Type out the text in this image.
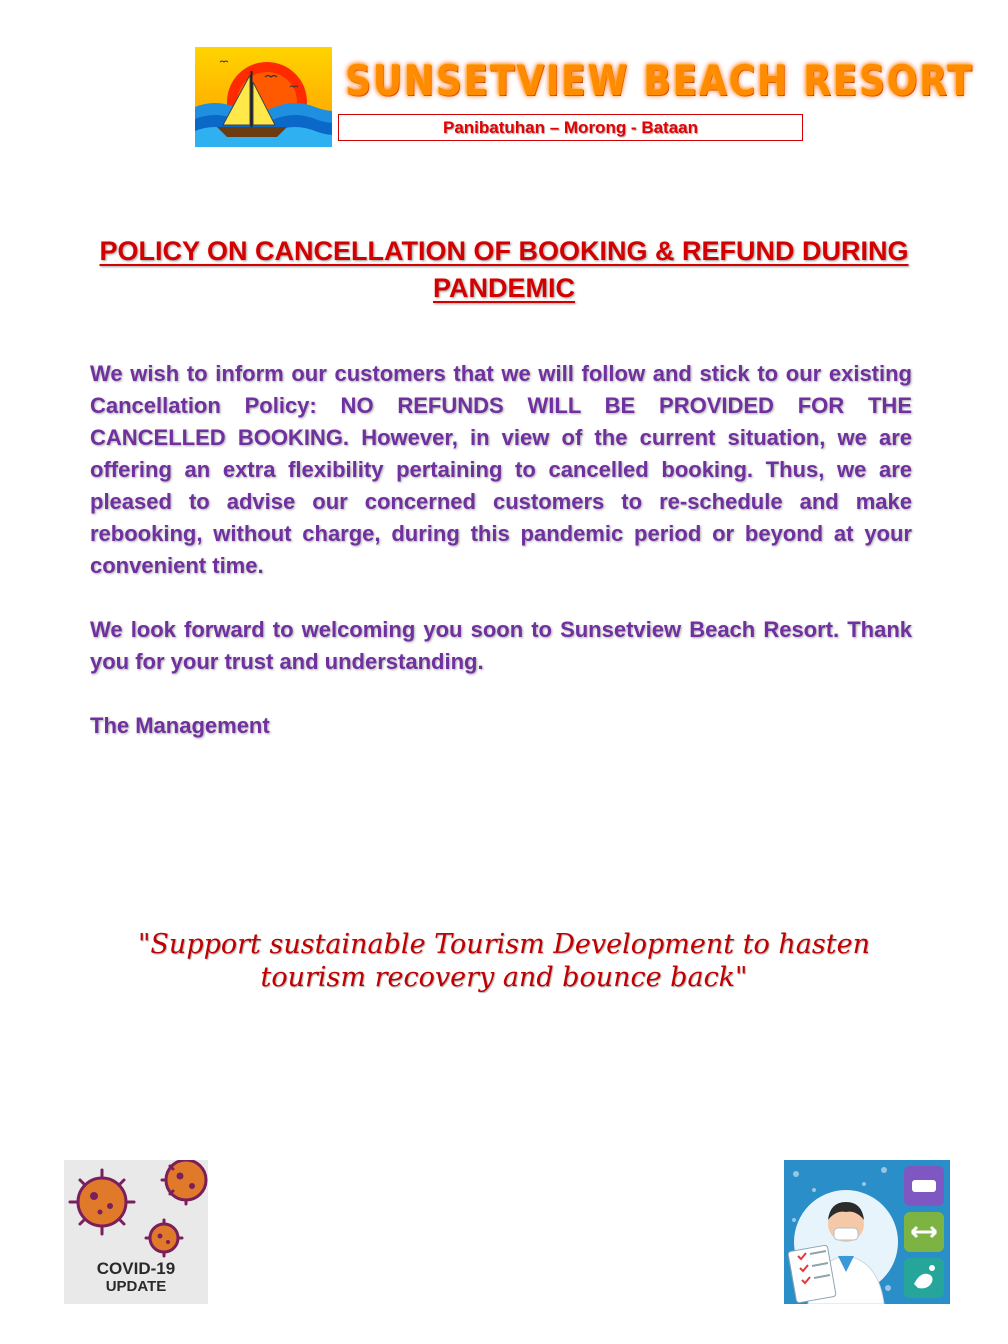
SUNSETVIEW BEACH RESORT
Panibatuhan – Morong - Bataan
POLICY ON CANCELLATION OF BOOKING & REFUND DURING PANDEMIC

We wish to inform our customers that we will follow and stick to our existing Cancellation Policy: NO REFUNDS WILL BE PROVIDED FOR THE CANCELLED BOOKING. However, in view of the current situation, we are offering an extra flexibility pertaining to cancelled booking. Thus, we are pleased to advise our concerned customers to re-schedule and make rebooking, without charge, during this pandemic period or beyond at your convenient time.

We look forward to welcoming you soon to Sunsetview Beach Resort. Thank you for your trust and understanding.

The Management

"Support sustainable Tourism Development to hasten tourism recovery and bounce back"
COVID-19
UPDATE
